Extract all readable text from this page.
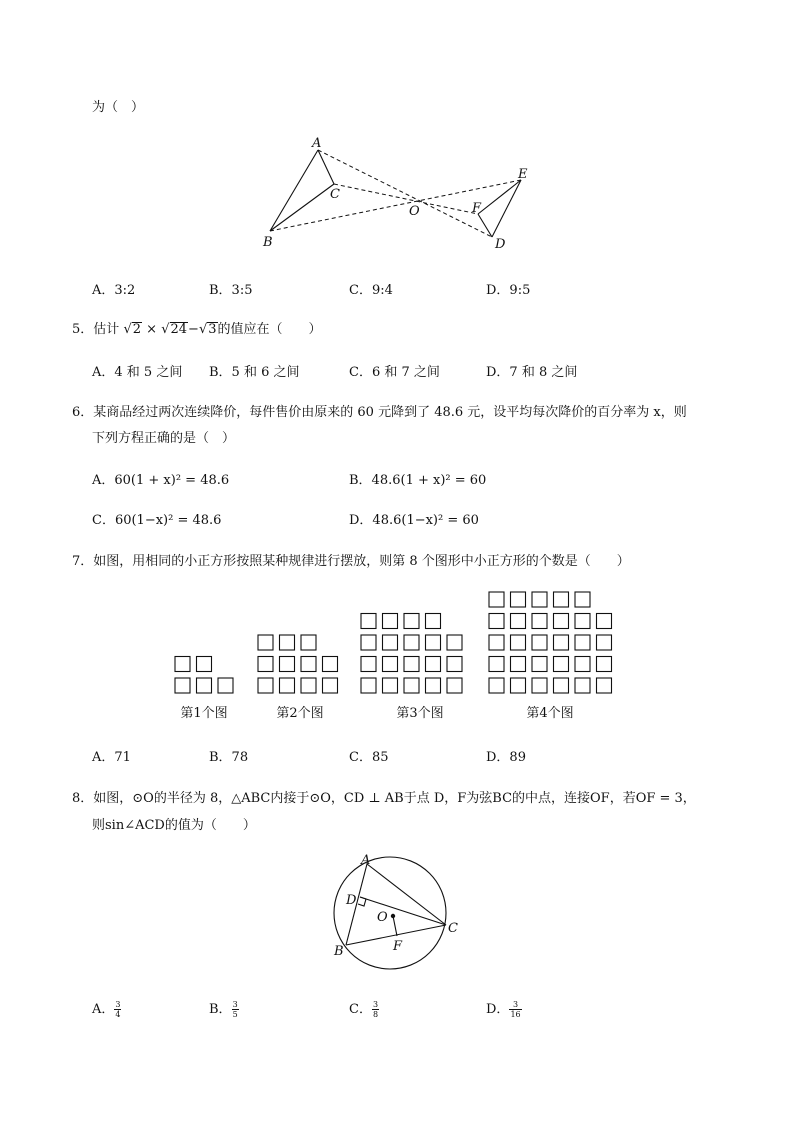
为（　）
A
B
C
O
E
F
D
A．3:2	B．3:5	C．9:4	D．9:5
5．估计 √2 × √24−√3的值应在（　　）
A．4 和 5 之间 B．5 和 6 之间	C．6 和 7 之间	D．7 和 8 之间
6．某商品经过两次连续降价，每件售价由原来的 60 元降到了 48.6 元，设平均每次降价的百分率为 x，则
下列方程正确的是（　）
A．60(1 + x)² = 48.6	B．48.6(1 + x)² = 60
C．60(1−x)² = 48.6	D．48.6(1−x)² = 60
7．如图，用相同的小正方形按照某种规律进行摆放，则第 8 个图形中小正方形的个数是（　　）
第1个图	第2个图	第3个图	第4个图
A．71	B．78	C．85	D．89
8．如图，⊙O的半径为 8，△ABC内接于⊙O，CD ⊥ AB于点 D，F为弦BC的中点，连接OF，若OF = 3，
则sin∠ACD的值为（　　）
A
D
O
C
B	F
A． $\frac{3}{4}$	B． $\frac{3}{5}$	C． $\frac{3}{8}$	D． $\frac{3}{16}$
